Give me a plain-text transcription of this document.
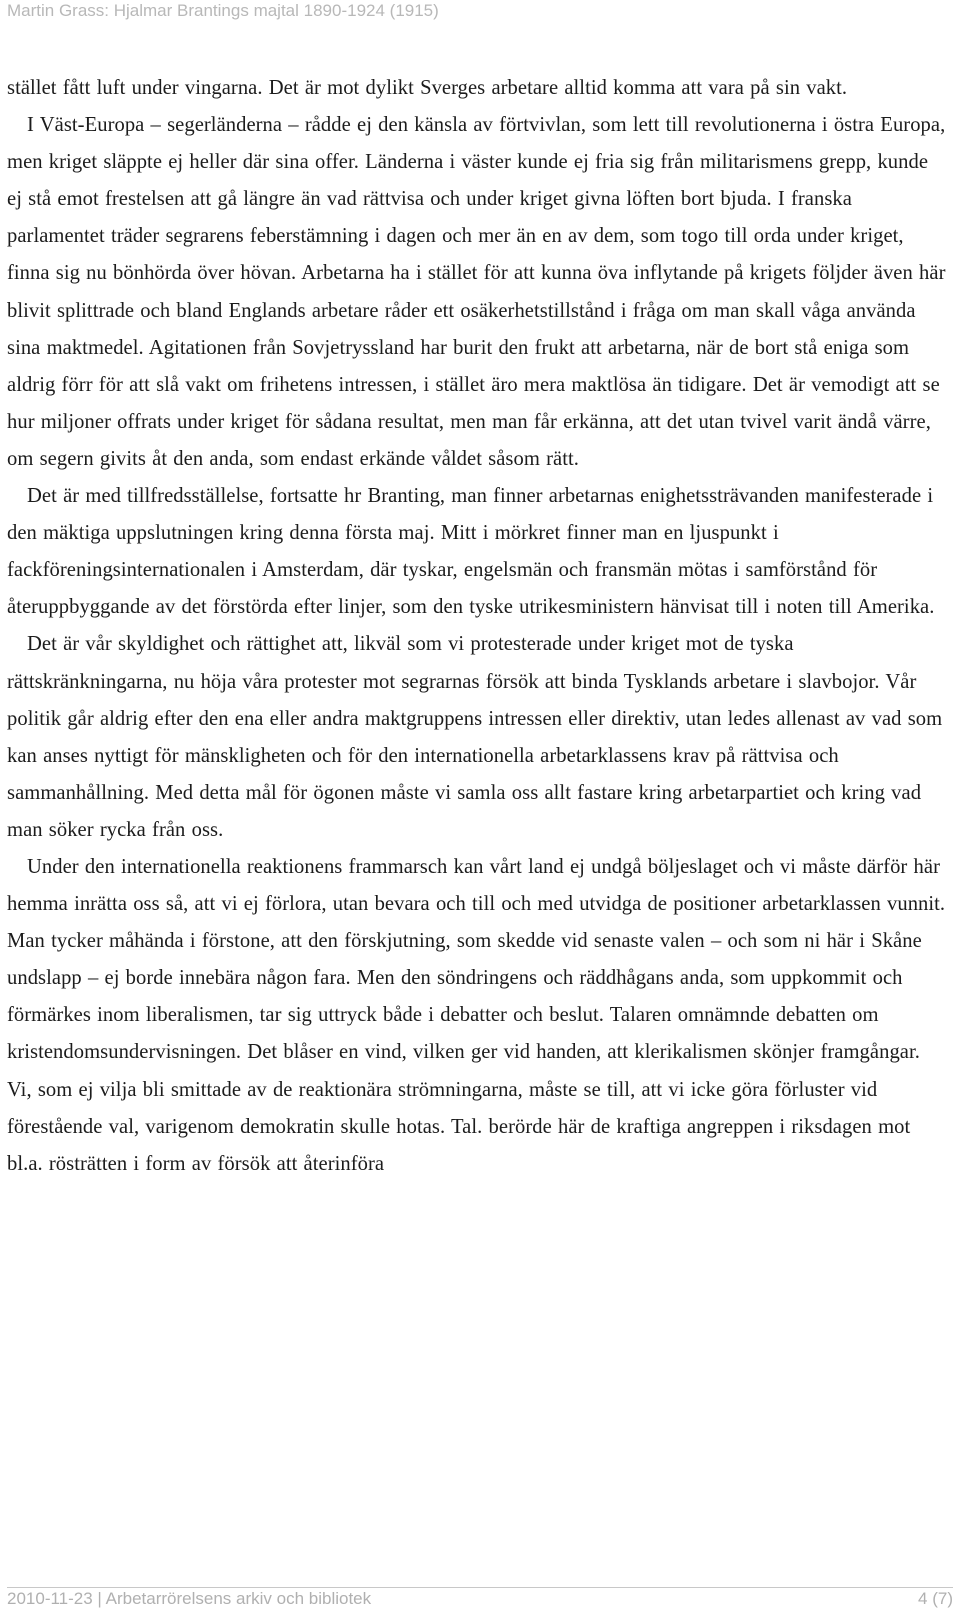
Martin Grass: Hjalmar Brantings majtal 1890-1924 (1915)

stället fått luft under vingarna. Det är mot dylikt Sverges arbetare alltid komma att vara på sin vakt.

I Väst-Europa – segerländerna – rådde ej den känsla av förtvivlan, som lett till revolutionerna i östra Europa, men kriget släppte ej heller där sina offer. Länderna i väster kunde ej fria sig från militarismens grepp, kunde ej stå emot frestelsen att gå längre än vad rättvisa och under kriget givna löften bort bjuda. I franska parlamentet träder segrarens feberstämning i dagen och mer än en av dem, som togo till orda under kriget, finna sig nu bönhörda över hövan. Arbetarna ha i stället för att kunna öva inflytande på krigets följder även här blivit splittrade och bland Englands arbetare råder ett osäkerhetstillstånd i fråga om man skall våga använda sina maktmedel. Agitationen från Sovjetryssland har burit den frukt att arbetarna, när de bort stå eniga som aldrig förr för att slå vakt om frihetens intressen, i stället äro mera maktlösa än tidigare. Det är vemodigt att se hur miljoner offrats under kriget för sådana resultat, men man får erkänna, att det utan tvivel varit ändå värre, om segern givits åt den anda, som endast erkände våldet såsom rätt.

Det är med tillfredsställelse, fortsatte hr Branting, man finner arbetarnas enighetssträvanden manifesterade i den mäktiga uppslutningen kring denna första maj. Mitt i mörkret finner man en ljuspunkt i fackföreningsinternationalen i Amsterdam, där tyskar, engelsmän och fransmän mötas i samförstånd för återuppbyggande av det förstörda efter linjer, som den tyske utrikesministern hänvisat till i noten till Amerika.

Det är vår skyldighet och rättighet att, likväl som vi protesterade under kriget mot de tyska rättskränkningarna, nu höja våra protester mot segrarnas försök att binda Tysklands arbetare i slavbojor. Vår politik går aldrig efter den ena eller andra maktgruppens intressen eller direktiv, utan ledes allenast av vad som kan anses nyttigt för mänskligheten och för den internationella arbetarklassens krav på rättvisa och sammanhållning. Med detta mål för ögonen måste vi samla oss allt fastare kring arbetarpartiet och kring vad man söker rycka från oss.

Under den internationella reaktionens frammarsch kan vårt land ej undgå böljeslaget och vi måste därför här hemma inrätta oss så, att vi ej förlora, utan bevara och till och med utvidga de positioner arbetarklassen vunnit. Man tycker måhända i förstone, att den förskjutning, som skedde vid senaste valen – och som ni här i Skåne undslapp – ej borde innebära någon fara. Men den söndringens och räddhågans anda, som uppkommit och förmärkes inom liberalismen, tar sig uttryck både i debatter och beslut. Talaren omnämnde debatten om kristendomsundervisningen. Det blåser en vind, vilken ger vid handen, att klerikalismen skönjer framgångar. Vi, som ej vilja bli smittade av de reaktionära strömningarna, måste se till, att vi icke göra förluster vid förestående val, varigenom demokratin skulle hotas. Tal. berörde här de kraftiga angreppen i riksdagen mot bl.a. rösträtten i form av försök att återinföra

2010-11-23 | Arbetarrörelsens arkiv och bibliotek	4 (7)
